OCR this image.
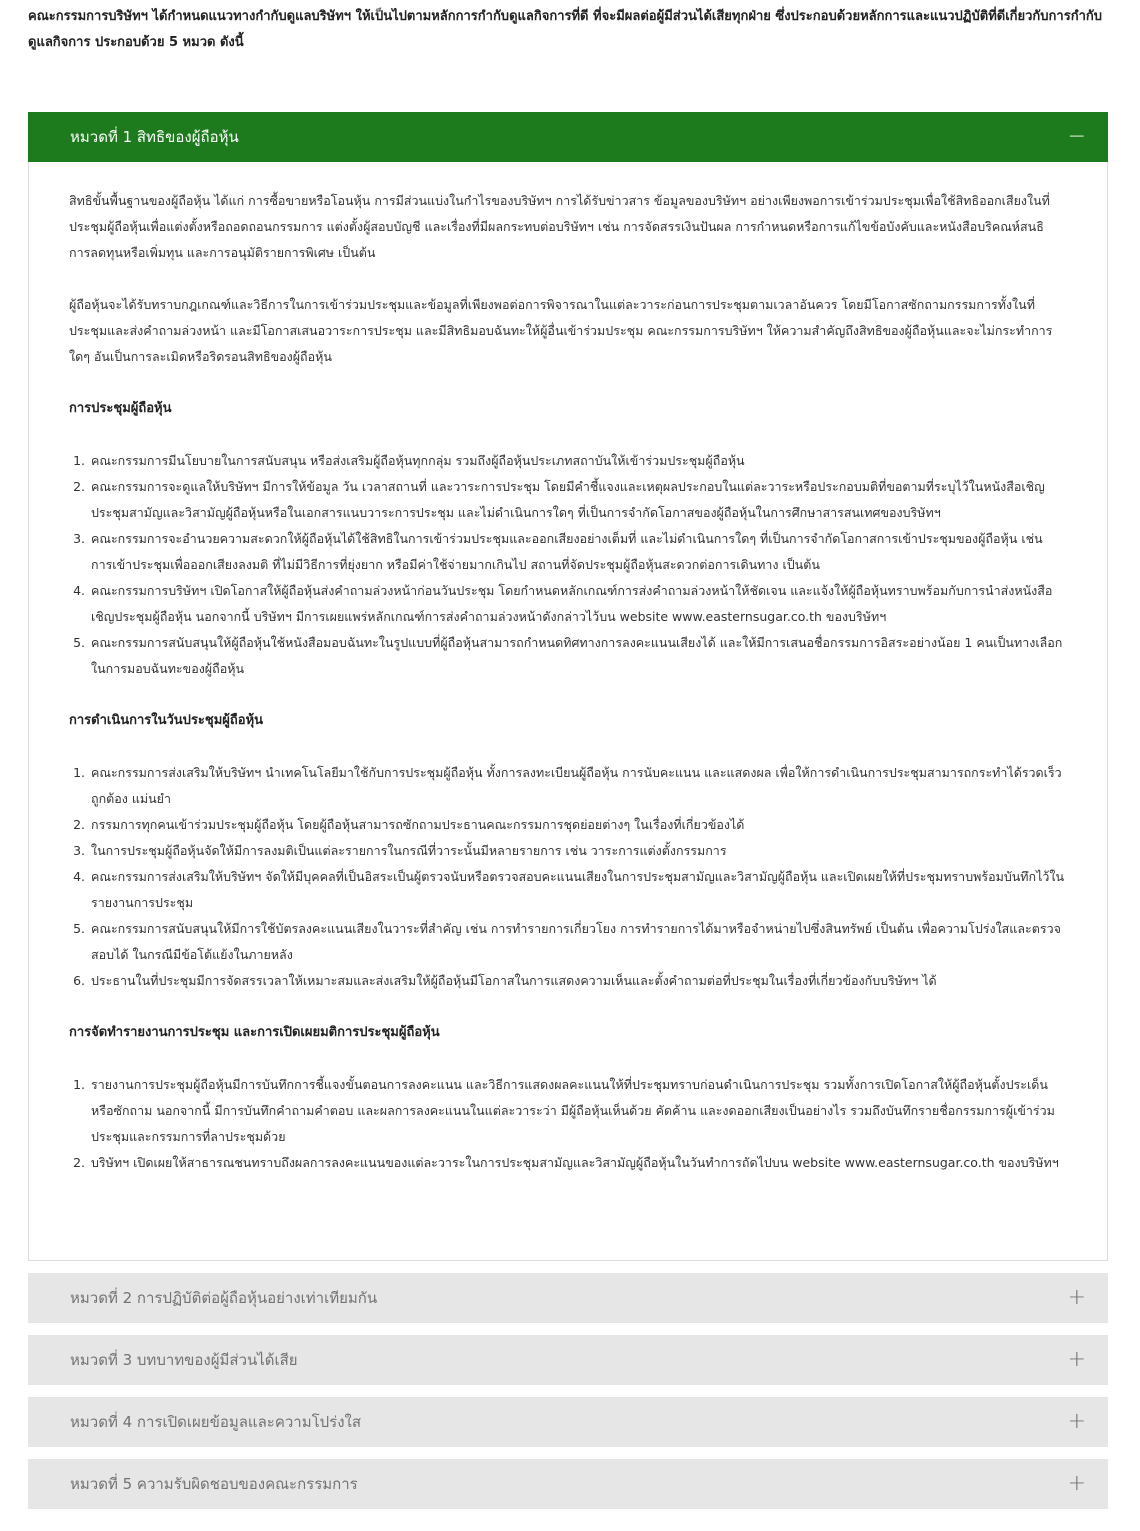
คณะกรรมการบริษัทฯ ได้กำหนดแนวทางกำกับดูแลบริษัทฯ ให้เป็นไปตามหลักการกำกับดูแลกิจการที่ดี ที่จะมีผลต่อผู้มีส่วนได้เสียทุกฝ่าย ซึ่งประกอบด้วยหลักการและแนวปฏิบัติที่ดีเกี่ยวกับการกำกับดูแลกิจการ ประกอบด้วย 5 หมวด ดังนี้
หมวดที่ 1 สิทธิของผู้ถือหุ้น	−

สิทธิขั้นพื้นฐานของผู้ถือหุ้น ได้แก่ การซื้อขายหรือโอนหุ้น การมีส่วนแบ่งในกำไรของบริษัทฯ การได้รับข่าวสาร ข้อมูลของบริษัทฯ อย่างเพียงพอการเข้าร่วมประชุมเพื่อใช้สิทธิออกเสียงในที่ประชุมผู้ถือหุ้นเพื่อแต่งตั้งหรือถอดถอนกรรมการ แต่งตั้งผู้สอบบัญชี และเรื่องที่มีผลกระทบต่อบริษัทฯ เช่น การจัดสรรเงินปันผล การกำหนดหรือการแก้ไขข้อบังคับและหนังสือบริคณห์สนธิ การลดทุนหรือเพิ่มทุน และการอนุมัติรายการพิเศษ เป็นต้น

ผู้ถือหุ้นจะได้รับทราบกฎเกณฑ์และวิธีการในการเข้าร่วมประชุมและข้อมูลที่เพียงพอต่อการพิจารณาในแต่ละวาระก่อนการประชุมตามเวลาอันควร โดยมีโอกาสซักถามกรรมการทั้งในที่ประชุมและส่งคำถามล่วงหน้า และมีโอกาสเสนอวาระการประชุม และมีสิทธิมอบฉันทะให้ผู้อื่นเข้าร่วมประชุม คณะกรรมการบริษัทฯ ให้ความสำคัญถึงสิทธิของผู้ถือหุ้นและจะไม่กระทำการใดๆ อันเป็นการละเมิดหรือริดรอนสิทธิของผู้ถือหุ้น

การประชุมผู้ถือหุ้น
1. คณะกรรมการมีนโยบายในการสนับสนุน หรือส่งเสริมผู้ถือหุ้นทุกกลุ่ม รวมถึงผู้ถือหุ้นประเภทสถาบันให้เข้าร่วมประชุมผู้ถือหุ้น
2. คณะกรรมการจะดูแลให้บริษัทฯ มีการให้ข้อมูล วัน เวลาสถานที่ และวาระการประชุม โดยมีคำชี้แจงและเหตุผลประกอบในแต่ละวาระหรือประกอบมติที่ขอตามที่ระบุไว้ในหนังสือเชิญประชุมสามัญและวิสามัญผู้ถือหุ้นหรือในเอกสารแนบวาระการประชุม และไม่ดำเนินการใดๆ ที่เป็นการจำกัดโอกาสของผู้ถือหุ้นในการศึกษาสารสนเทศของบริษัทฯ
3. คณะกรรมการจะอำนวยความสะดวกให้ผู้ถือหุ้นได้ใช้สิทธิในการเข้าร่วมประชุมและออกเสียงอย่างเต็มที่ และไม่ดำเนินการใดๆ ที่เป็นการจำกัดโอกาสการเข้าประชุมของผู้ถือหุ้น เช่น การเข้าประชุมเพื่อออกเสียงลงมติ ที่ไม่มีวิธีการที่ยุ่งยาก หรือมีค่าใช้จ่ายมากเกินไป สถานที่จัดประชุมผู้ถือหุ้นสะดวกต่อการเดินทาง เป็นต้น
4. คณะกรรมการบริษัทฯ เปิดโอกาสให้ผู้ถือหุ้นส่งคำถามล่วงหน้าก่อนวันประชุม โดยกำหนดหลักเกณฑ์การส่งคำถามล่วงหน้าให้ชัดเจน และแจ้งให้ผู้ถือหุ้นทราบพร้อมกับการนำส่งหนังสือเชิญประชุมผู้ถือหุ้น นอกจากนี้ บริษัทฯ มีการเผยแพร่หลักเกณฑ์การส่งคำถามล่วงหน้าดังกล่าวไว้บน website www.easternsugar.co.th ของบริษัทฯ
5. คณะกรรมการสนับสนุนให้ผู้ถือหุ้นใช้หนังสือมอบฉันทะในรูปแบบที่ผู้ถือหุ้นสามารถกำหนดทิศทางการลงคะแนนเสียงได้ และให้มีการเสนอชื่อกรรมการอิสระอย่างน้อย 1 คนเป็นทางเลือกในการมอบฉันทะของผู้ถือหุ้น
การดำเนินการในวันประชุมผู้ถือหุ้น
1. คณะกรรมการส่งเสริมให้บริษัทฯ นำเทคโนโลยีมาใช้กับการประชุมผู้ถือหุ้น ทั้งการลงทะเบียนผู้ถือหุ้น การนับคะแนน และแสดงผล เพื่อให้การดำเนินการประชุมสามารถกระทำได้รวดเร็ว ถูกต้อง แม่นยำ
2. กรรมการทุกคนเข้าร่วมประชุมผู้ถือหุ้น โดยผู้ถือหุ้นสามารถซักถามประธานคณะกรรมการชุดย่อยต่างๆ ในเรื่องที่เกี่ยวข้องได้
3. ในการประชุมผู้ถือหุ้นจัดให้มีการลงมติเป็นแต่ละรายการในกรณีที่วาระนั้นมีหลายรายการ เช่น วาระการแต่งตั้งกรรมการ
4. คณะกรรมการส่งเสริมให้บริษัทฯ จัดให้มีบุคคลที่เป็นอิสระเป็นผู้ตรวจนับหรือตรวจสอบคะแนนเสียงในการประชุมสามัญและวิสามัญผู้ถือหุ้น และเปิดเผยให้ที่ประชุมทราบพร้อมบันทึกไว้ในรายงานการประชุม
5. คณะกรรมการสนับสนุนให้มีการใช้บัตรลงคะแนนเสียงในวาระที่สำคัญ เช่น การทำรายการเกี่ยวโยง การทำรายการได้มาหรือจำหน่ายไปซึ่งสินทรัพย์ เป็นต้น เพื่อความโปร่งใสและตรวจสอบได้ ในกรณีมีข้อโต้แย้งในภายหลัง
6. ประธานในที่ประชุมมีการจัดสรรเวลาให้เหมาะสมและส่งเสริมให้ผู้ถือหุ้นมีโอกาสในการแสดงความเห็นและตั้งคำถามต่อที่ประชุมในเรื่องที่เกี่ยวข้องกับบริษัทฯ ได้
การจัดทำรายงานการประชุม และการเปิดเผยมติการประชุมผู้ถือหุ้น
1. รายงานการประชุมผู้ถือหุ้นมีการบันทึกการชี้แจงขั้นตอนการลงคะแนน และวิธีการแสดงผลคะแนนให้ที่ประชุมทราบก่อนดำเนินการประชุม รวมทั้งการเปิดโอกาสให้ผู้ถือหุ้นตั้งประเด็น หรือซักถาม นอกจากนี้ มีการบันทึกคำถามคำตอบ และผลการลงคะแนนในแต่ละวาระว่า มีผู้ถือหุ้นเห็นด้วย คัดค้าน และงดออกเสียงเป็นอย่างไร รวมถึงบันทึกรายชื่อกรรมการผู้เข้าร่วมประชุมและกรรมการที่ลาประชุมด้วย
2. บริษัทฯ เปิดเผยให้สาธารณชนทราบถึงผลการลงคะแนนของแต่ละวาระในการประชุมสามัญและวิสามัญผู้ถือหุ้นในวันทำการถัดไปบน website www.easternsugar.co.th ของบริษัทฯ
หมวดที่ 2 การปฏิบัติต่อผู้ถือหุ้นอย่างเท่าเทียมกัน	+
หมวดที่ 3 บทบาทของผู้มีส่วนได้เสีย	+
หมวดที่ 4 การเปิดเผยข้อมูลและความโปร่งใส	+
หมวดที่ 5 ความรับผิดชอบของคณะกรรมการ	+
